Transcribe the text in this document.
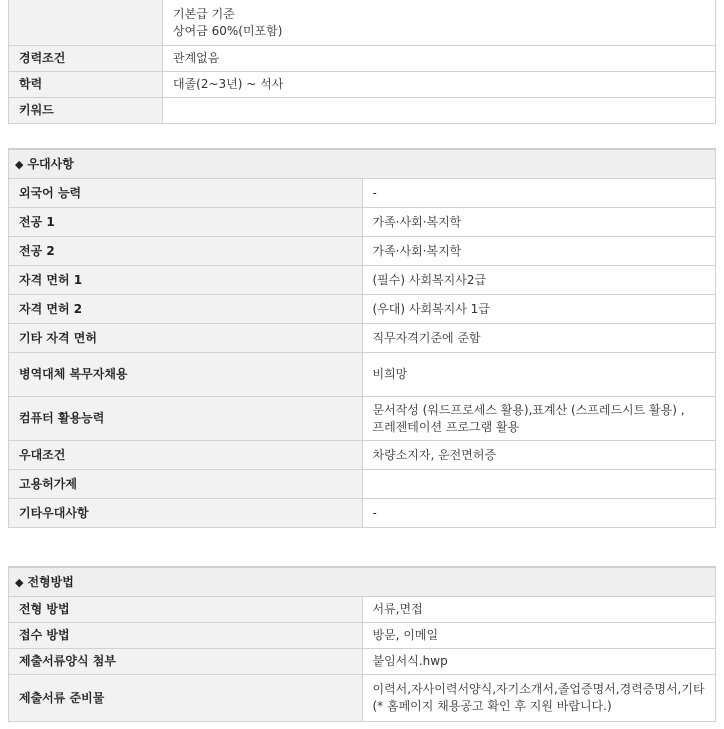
	기본급 기준
상여금 60%(미포함)

경력조건	관계없음
학력	대졸(2~3년) ~ 석사
키워드	
◆ 우대사항	
외국어 능력	-
전공 1	가족·사회·복지학
전공 2	가족·사회·복지학
자격 면허 1	(필수) 사회복지사2급
자격 면허 2	(우대) 사회복지사 1급
기타 자격 면허	직무자격기준에 준함
병역대체 복무자채용	비희망
컴퓨터 활용능력	문서작성 (워드프로세스 활용),표계산 (스프레드시트 활용) ,프레젠테이션 프로그램 활용
우대조건	차량소지자, 운전면허증
고용허가제	
기타우대사항	-
◆ 전형방법	
전형 방법	서류,면접
접수 방법	방문, 이메일
제출서류양식 첨부	붙임서식.hwp
제출서류 준비물	이력서,자사이력서양식,자기소개서,졸업증명서,경력증명서,기타(* 홈페이지 채용공고 확인 후 지원 바랍니다.)
